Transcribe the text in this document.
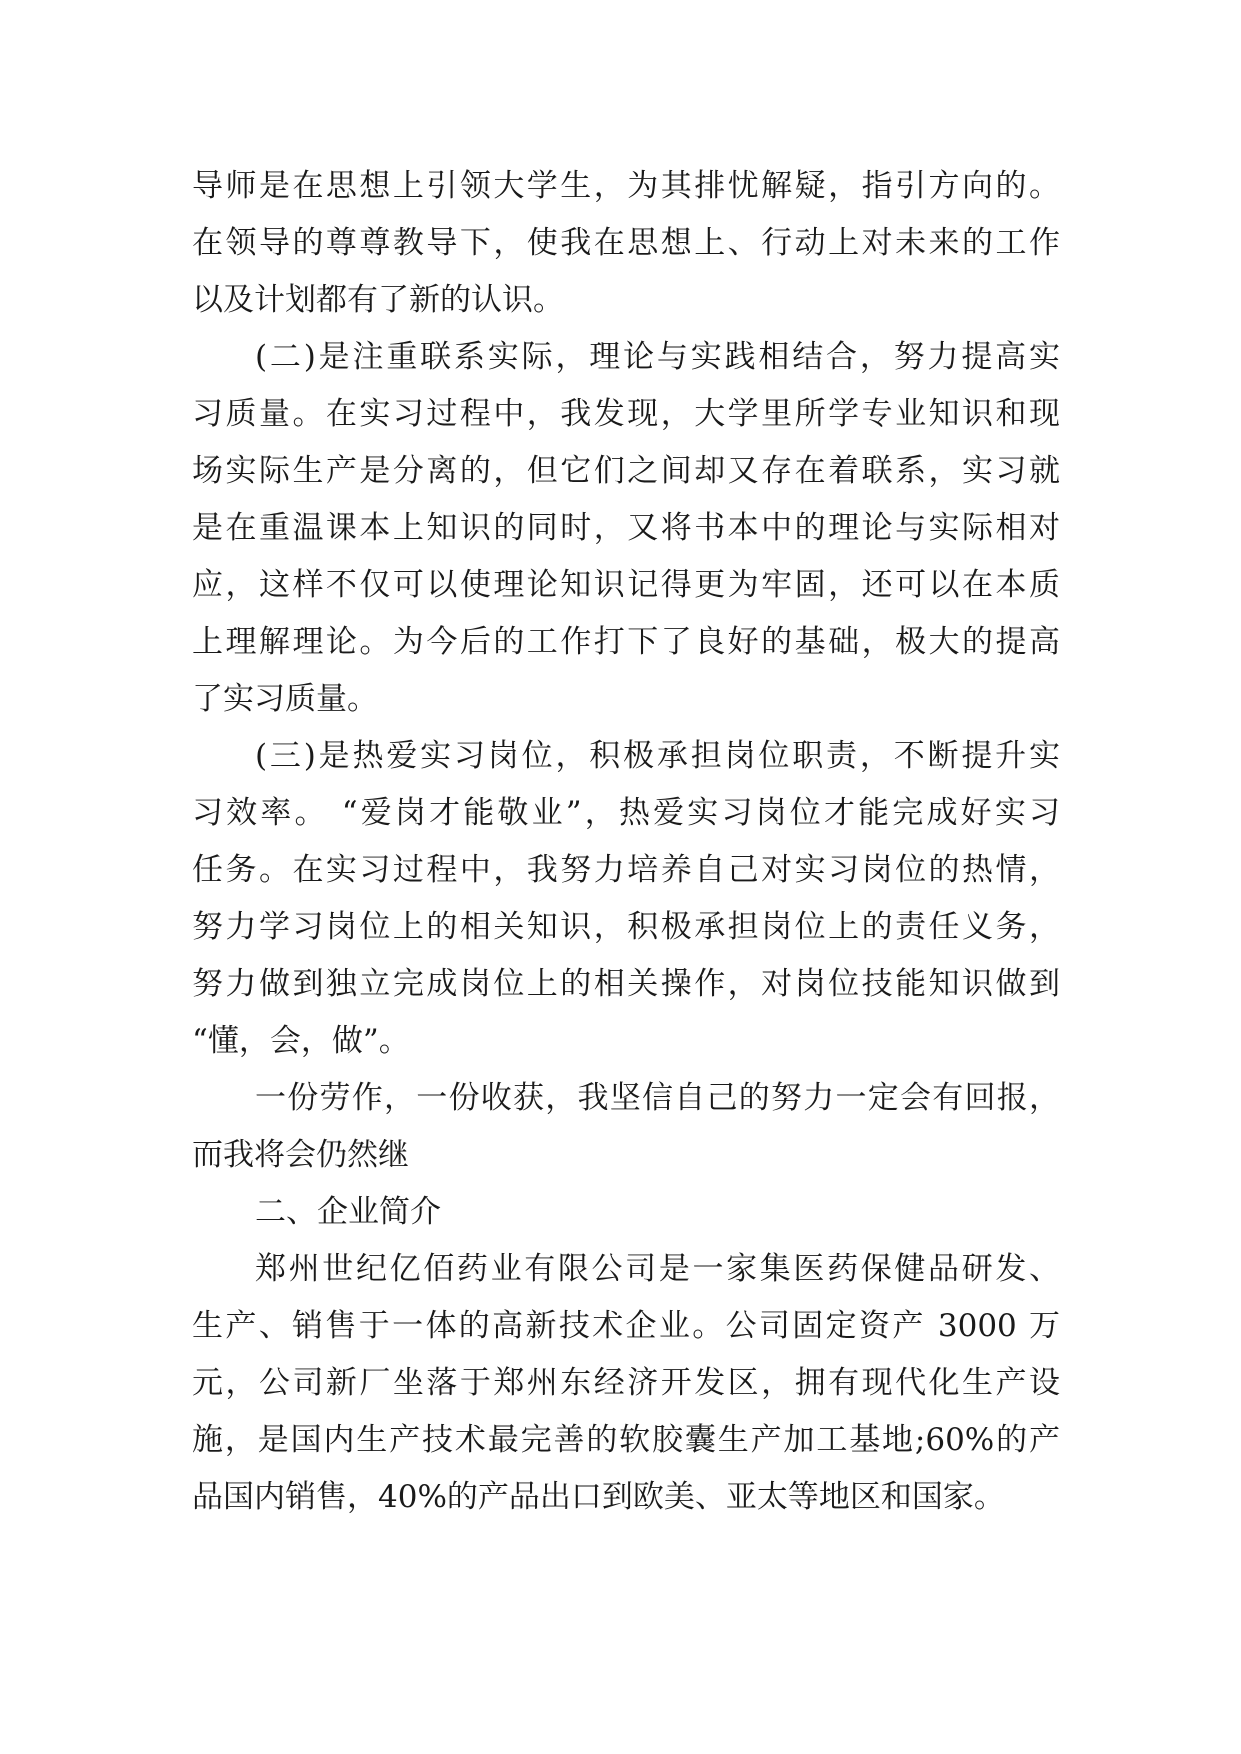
导师是在思想上引领大学生，为其排忧解疑，指引方向的。
在领导的尊尊教导下，使我在思想上、行动上对未来的工作
以及计划都有了新的认识。
(二)是注重联系实际，理论与实践相结合，努力提高实
习质量。在实习过程中，我发现，大学里所学专业知识和现
场实际生产是分离的，但它们之间却又存在着联系，实习就
是在重温课本上知识的同时，又将书本中的理论与实际相对
应，这样不仅可以使理论知识记得更为牢固，还可以在本质
上理解理论。为今后的工作打下了良好的基础，极大的提高
了实习质量。
(三)是热爱实习岗位，积极承担岗位职责，不断提升实
习效率。 “爱岗才能敬业”，热爱实习岗位才能完成好实习
任务。在实习过程中，我努力培养自己对实习岗位的热情，
努力学习岗位上的相关知识，积极承担岗位上的责任义务，
努力做到独立完成岗位上的相关操作，对岗位技能知识做到
“懂，会，做”。
一份劳作，一份收获，我坚信自己的努力一定会有回报，
而我将会仍然继
二、企业简介
郑州世纪亿佰药业有限公司是一家集医药保健品研发、
生产、销售于一体的高新技术企业。公司固定资产 3000 万
元，公司新厂坐落于郑州东经济开发区，拥有现代化生产设
施，是国内生产技术最完善的软胶囊生产加工基地;60%的产
品国内销售，40%的产品出口到欧美、亚太等地区和国家。
